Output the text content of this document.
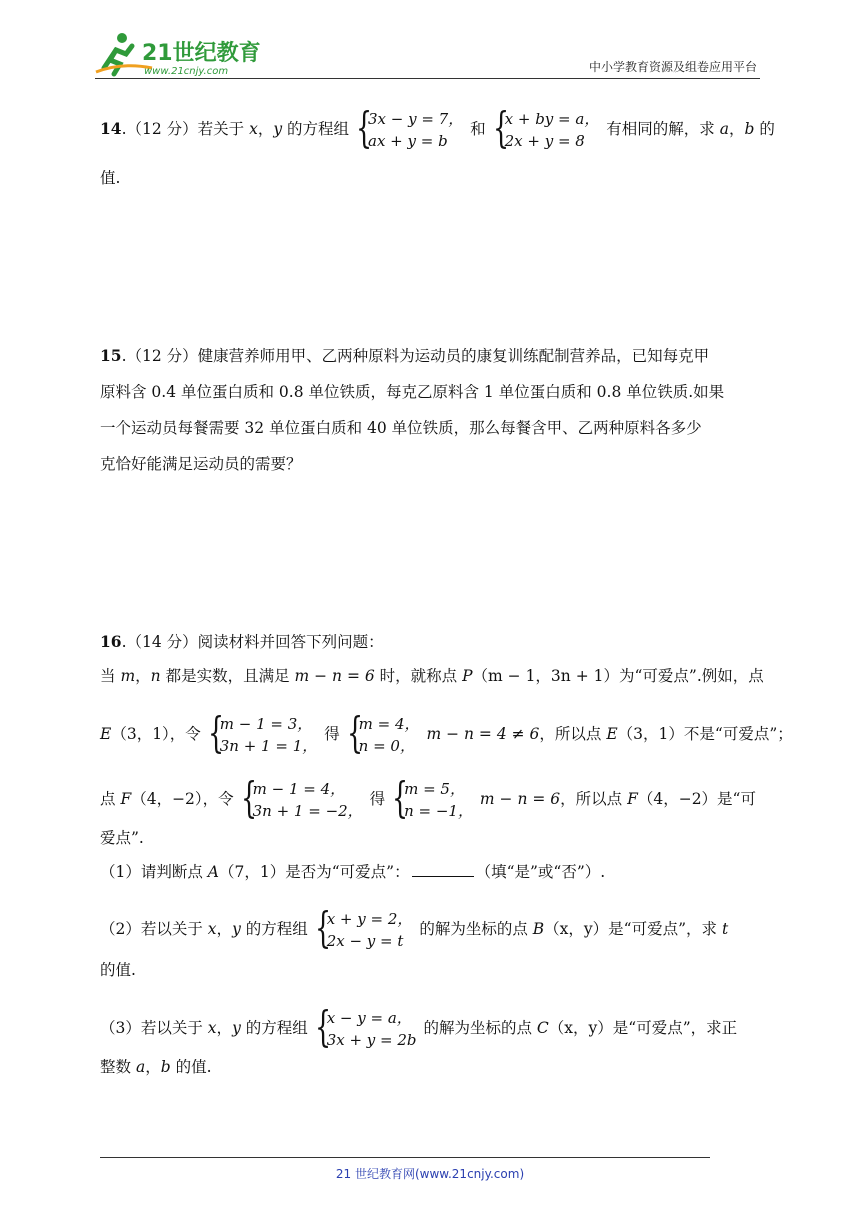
21世纪教育
www.21cnjy.com	中小学教育资源及组卷应用平台
14.（12 分）若关于 x，y 的方程组 {
3x − y = 7，
ax + y = b
和 {
x + by = a，
2x + y = 8
有相同的解，求 a，b 的
值.
15.（12 分）健康营养师用甲、乙两种原料为运动员的康复训练配制营养品，已知每克甲
原料含 0.4 单位蛋白质和 0.8 单位铁质，每克乙原料含 1 单位蛋白质和 0.8 单位铁质.如果
一个运动员每餐需要 32 单位蛋白质和 40 单位铁质，那么每餐含甲、乙两种原料各多少
克恰好能满足运动员的需要？
16.（14 分）阅读材料并回答下列问题：
当 m，n 都是实数，且满足 m − n = 6 时，就称点 P（m − 1，3n + 1）为“可爱点”.例如，点
E（3，1），令 {
m − 1 = 3，
3n + 1 = 1，
得 {
m = 4，
n = 0，
m − n = 4 ≠ 6，所以点 E（3，1）不是“可爱点”；
点 F（4，−2），令 {
m − 1 = 4，
3n + 1 = −2，
得 {
m = 5，
n = −1，
m − n = 6，所以点 F（4，−2）是“可
爱点”.
（1）请判断点 A（7，1）是否为“可爱点”：	（填“是”或“否”）.
（2）若以关于 x，y 的方程组 {
x + y = 2，
2x − y = t
的解为坐标的点 B（x，y）是“可爱点”，求 t
的值.
（3）若以关于 x，y 的方程组 {
x − y = a，
3x + y = 2b
的解为坐标的点 C（x，y）是“可爱点”，求正
整数 a，b 的值.
21 世纪教育网(www.21cnjy.com)
